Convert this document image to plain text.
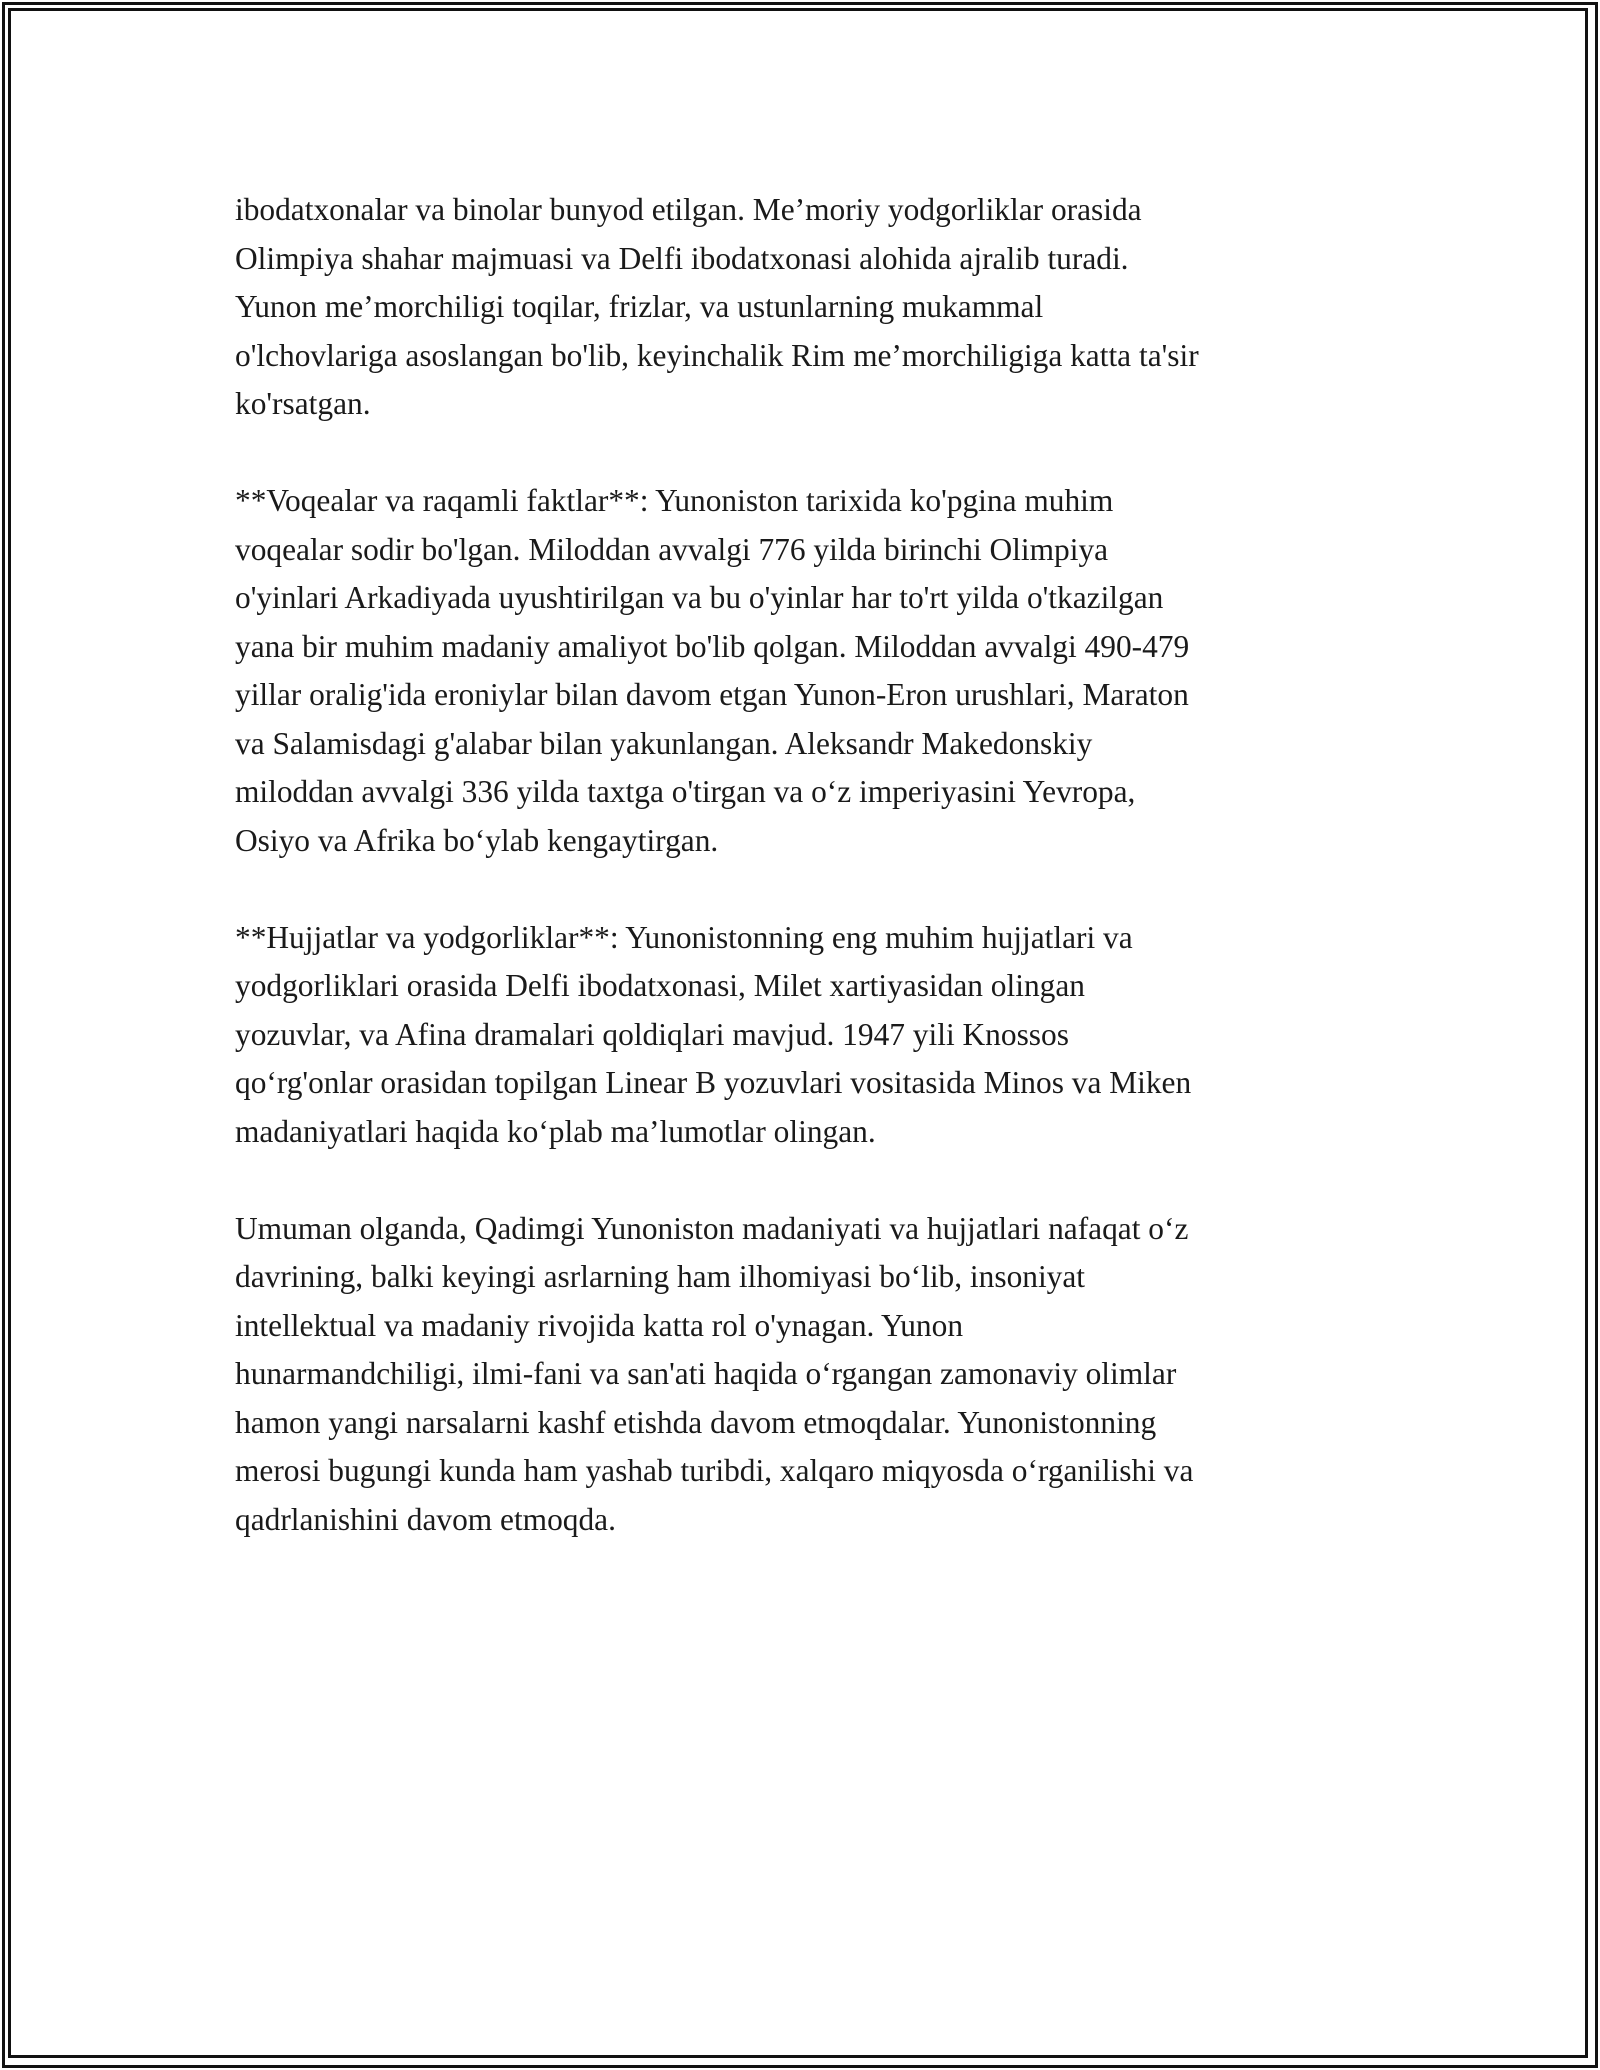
ibodatxonalar va binolar bunyod etilgan. Me’moriy yodgorliklar orasida
Olimpiya shahar majmuasi va Delfi ibodatxonasi alohida ajralib turadi.
Yunon me’morchiligi toqilar, frizlar, va ustunlarning mukammal
o'lchovlariga asoslangan bo'lib, keyinchalik Rim me’morchiligiga katta ta'sir
ko'rsatgan.

**Voqealar va raqamli faktlar**: Yunoniston tarixida ko'pgina muhim
voqealar sodir bo'lgan. Miloddan avvalgi 776 yilda birinchi Olimpiya
o'yinlari Arkadiyada uyushtirilgan va bu o'yinlar har to'rt yilda o'tkazilgan
yana bir muhim madaniy amaliyot bo'lib qolgan. Miloddan avvalgi 490-479
yillar oralig'ida eroniylar bilan davom etgan Yunon-Eron urushlari, Maraton
va Salamisdagi g'alabar bilan yakunlangan. Aleksandr Makedonskiy
miloddan avvalgi 336 yilda taxtga o'tirgan va o‘z imperiyasini Yevropa,
Osiyo va Afrika bo‘ylab kengaytirgan.

**Hujjatlar va yodgorliklar**: Yunonistonning eng muhim hujjatlari va
yodgorliklari orasida Delfi ibodatxonasi, Milet xartiyasidan olingan
yozuvlar, va Afina dramalari qoldiqlari mavjud. 1947 yili Knossos
qo‘rg'onlar orasidan topilgan Linear B yozuvlari vositasida Minos va Miken
madaniyatlari haqida ko‘plab ma’lumotlar olingan.

Umuman olganda, Qadimgi Yunoniston madaniyati va hujjatlari nafaqat o‘z
davrining, balki keyingi asrlarning ham ilhomiyasi bo‘lib, insoniyat
intellektual va madaniy rivojida katta rol o'ynagan. Yunon
hunarmandchiligi, ilmi-fani va san'ati haqida o‘rgangan zamonaviy olimlar
hamon yangi narsalarni kashf etishda davom etmoqdalar. Yunonistonning
merosi bugungi kunda ham yashab turibdi, xalqaro miqyosda o‘rganilishi va
qadrlanishini davom etmoqda.
